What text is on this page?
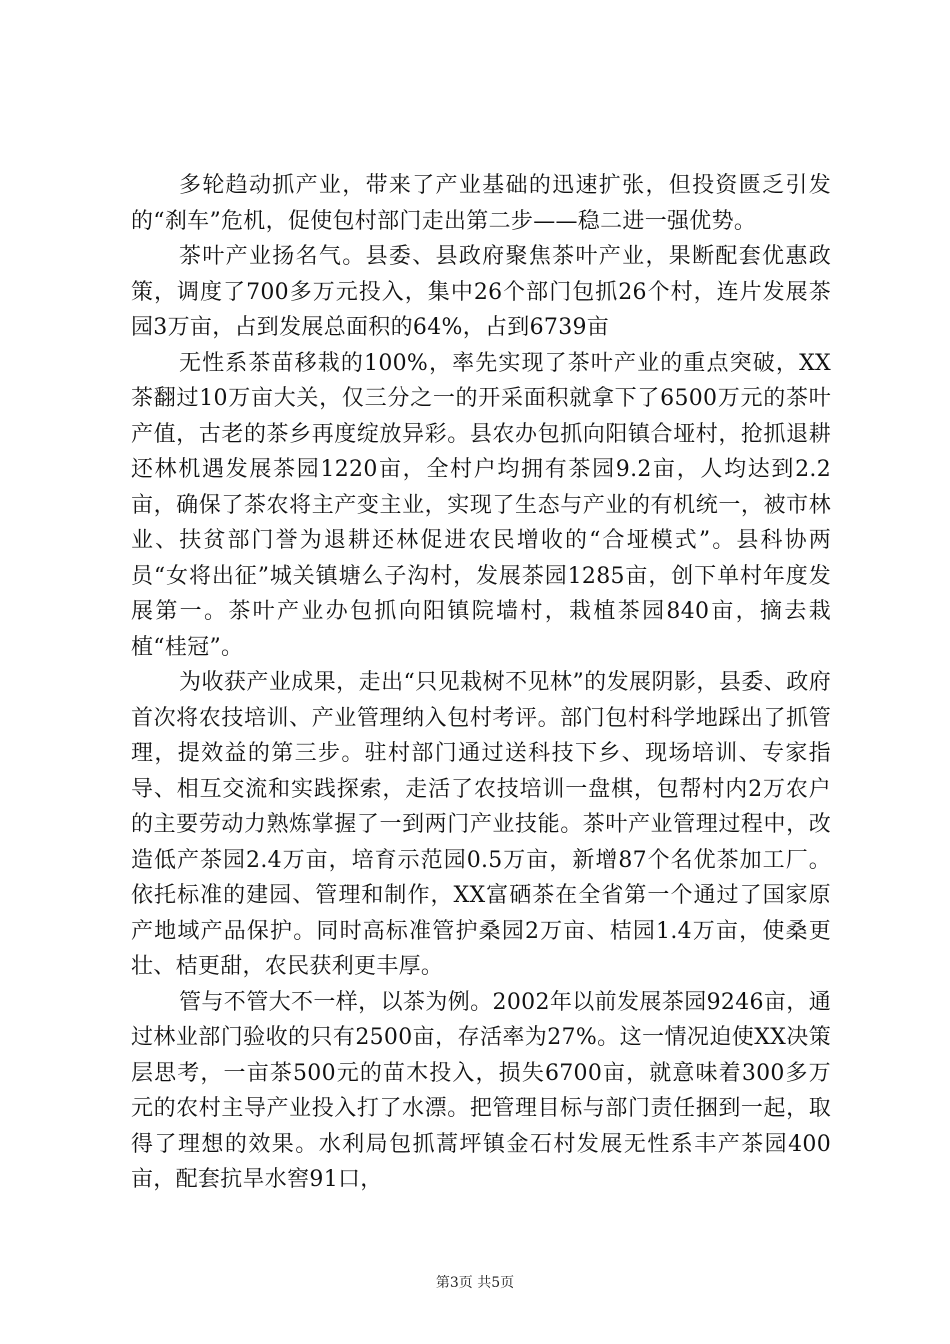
多轮趋动抓产业，带来了产业基础的迅速扩张，但投资匮乏引发的“刹车”危机，促使包村部门走出第二步——稳二进一强优势。

茶叶产业扬名气。县委、县政府聚焦茶叶产业，果断配套优惠政策，调度了700多万元投入，集中26个部门包抓26个村，连片发展茶园3万亩，占到发展总面积的64%，占到6739亩

无性系茶苗移栽的100%，率先实现了茶叶产业的重点突破，XX茶翻过10万亩大关，仅三分之一的开采面积就拿下了6500万元的茶叶产值，古老的茶乡再度绽放异彩。县农办包抓向阳镇合垭村，抢抓退耕还林机遇发展茶园1220亩，全村户均拥有茶园9.2亩，人均达到2.2亩，确保了茶农将主产变主业，实现了生态与产业的有机统一，被市林业、扶贫部门誉为退耕还林促进农民增收的“合垭模式”。县科协两员“女将出征”城关镇塘么子沟村，发展茶园1285亩，创下单村年度发展第一。茶叶产业办包抓向阳镇院墙村，栽植茶园840亩，摘去栽植“桂冠”。

为收获产业成果，走出“只见栽树不见林”的发展阴影，县委、政府首次将农技培训、产业管理纳入包村考评。部门包村科学地踩出了抓管理，提效益的第三步。驻村部门通过送科技下乡、现场培训、专家指导、相互交流和实践探索，走活了农技培训一盘棋，包帮村内2万农户的主要劳动力熟炼掌握了一到两门产业技能。茶叶产业管理过程中，改造低产茶园2.4万亩，培育示范园0.5万亩，新增87个名优茶加工厂。依托标准的建园、管理和制作，XX富硒茶在全省第一个通过了国家原产地域产品保护。同时高标准管护桑园2万亩、桔园1.4万亩，使桑更壮、桔更甜，农民获利更丰厚。

管与不管大不一样，以茶为例。2002年以前发展茶园9246亩，通过林业部门验收的只有2500亩，存活率为27%。这一情况迫使XX决策层思考，一亩茶500元的苗木投入，损失6700亩，就意味着300多万元的农村主导产业投入打了水漂。把管理目标与部门责任捆到一起，取得了理想的效果。水利局包抓蒿坪镇金石村发展无性系丰产茶园400亩，配套抗旱水窖91口，

第3页 共5页
